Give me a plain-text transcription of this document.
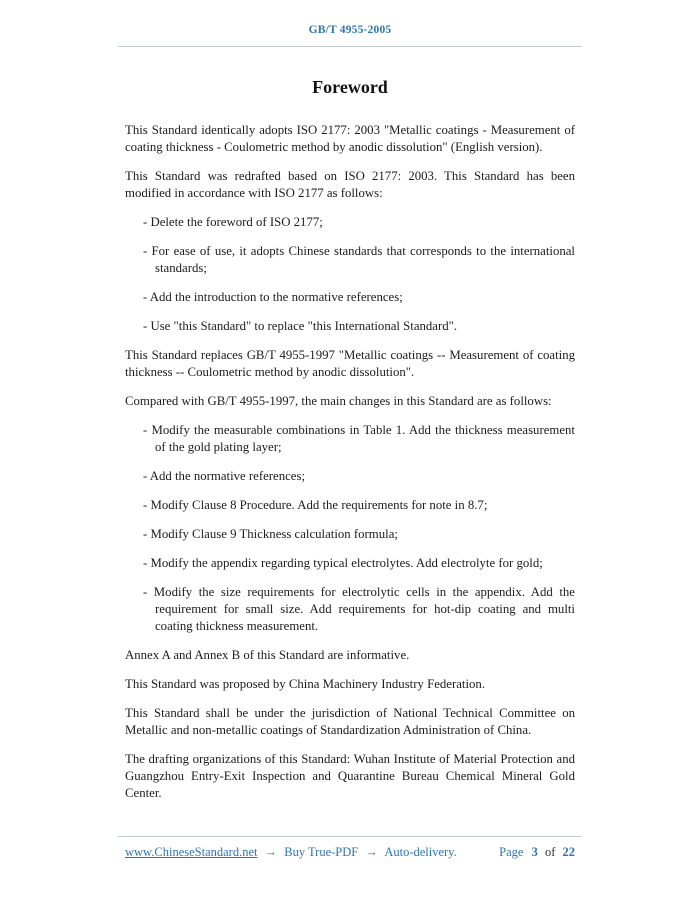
GB/T 4955-2005
Foreword

This Standard identically adopts ISO 2177: 2003 "Metallic coatings - Measurement of coating thickness - Coulometric method by anodic dissolution" (English version).

This Standard was redrafted based on ISO 2177: 2003. This Standard has been modified in accordance with ISO 2177 as follows:

- Delete the foreword of ISO 2177;
- For ease of use, it adopts Chinese standards that corresponds to the international standards;
- Add the introduction to the normative references;
- Use "this Standard" to replace "this International Standard".

This Standard replaces GB/T 4955-1997 "Metallic coatings -- Measurement of coating thickness -- Coulometric method by anodic dissolution".

Compared with GB/T 4955-1997, the main changes in this Standard are as follows:

- Modify the measurable combinations in Table 1. Add the thickness measurement of the gold plating layer;
- Add the normative references;
- Modify Clause 8 Procedure. Add the requirements for note in 8.7;
- Modify Clause 9 Thickness calculation formula;
- Modify the appendix regarding typical electrolytes. Add electrolyte for gold;
- Modify the size requirements for electrolytic cells in the appendix. Add the requirement for small size. Add requirements for hot-dip coating and multi coating thickness measurement.

Annex A and Annex B of this Standard are informative.

This Standard was proposed by China Machinery Industry Federation.

This Standard shall be under the jurisdiction of National Technical Committee on Metallic and non-metallic coatings of Standardization Administration of China.

The drafting organizations of this Standard: Wuhan Institute of Material Protection and Guangzhou Entry-Exit Inspection and Quarantine Bureau Chemical Mineral Gold Center.

www.ChineseStandard.net → Buy True-PDF → Auto-delivery.	Page 3 of 22
